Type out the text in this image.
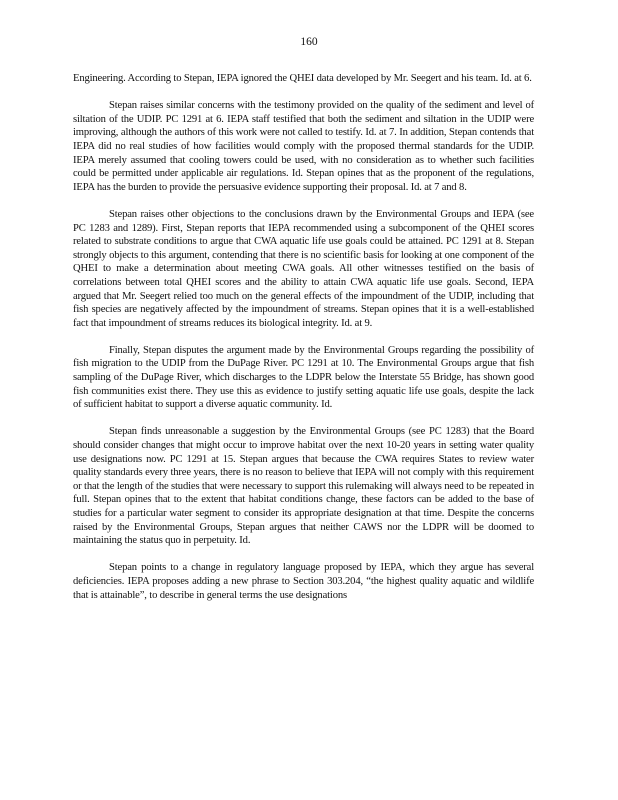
160

Engineering. According to Stepan, IEPA ignored the QHEI data developed by Mr. Seegert and his team. Id. at 6.

Stepan raises similar concerns with the testimony provided on the quality of the sediment and level of siltation of the UDIP. PC 1291 at 6. IEPA staff testified that both the sediment and siltation in the UDIP were improving, although the authors of this work were not called to testify. Id. at 7. In addition, Stepan contends that IEPA did no real studies of how facilities would comply with the proposed thermal standards for the UDIP. IEPA merely assumed that cooling towers could be used, with no consideration as to whether such facilities could be permitted under applicable air regulations. Id. Stepan opines that as the proponent of the regulations, IEPA has the burden to provide the persuasive evidence supporting their proposal. Id. at 7 and 8.

Stepan raises other objections to the conclusions drawn by the Environmental Groups and IEPA (see PC 1283 and 1289). First, Stepan reports that IEPA recommended using a subcomponent of the QHEI scores related to substrate conditions to argue that CWA aquatic life use goals could be attained. PC 1291 at 8. Stepan strongly objects to this argument, contending that there is no scientific basis for looking at one component of the QHEI to make a determination about meeting CWA goals. All other witnesses testified on the basis of correlations between total QHEI scores and the ability to attain CWA aquatic life use goals. Second, IEPA argued that Mr. Seegert relied too much on the general effects of the impoundment of the UDIP, including that fish species are negatively affected by the impoundment of streams. Stepan opines that it is a well-established fact that impoundment of streams reduces its biological integrity. Id. at 9.

Finally, Stepan disputes the argument made by the Environmental Groups regarding the possibility of fish migration to the UDIP from the DuPage River. PC 1291 at 10. The Environmental Groups argue that fish sampling of the DuPage River, which discharges to the LDPR below the Interstate 55 Bridge, has shown good fish communities exist there. They use this as evidence to justify setting aquatic life use goals, despite the lack of sufficient habitat to support a diverse aquatic community. Id.

Stepan finds unreasonable a suggestion by the Environmental Groups (see PC 1283) that the Board should consider changes that might occur to improve habitat over the next 10-20 years in setting water quality use designations now. PC 1291 at 15. Stepan argues that because the CWA requires States to review water quality standards every three years, there is no reason to believe that IEPA will not comply with this requirement or that the length of the studies that were necessary to support this rulemaking will always need to be repeated in full. Stepan opines that to the extent that habitat conditions change, these factors can be added to the base of studies for a particular water segment to consider its appropriate designation at that time. Despite the concerns raised by the Environmental Groups, Stepan argues that neither CAWS nor the LDPR will be doomed to maintaining the status quo in perpetuity. Id.

Stepan points to a change in regulatory language proposed by IEPA, which they argue has several deficiencies. IEPA proposes adding a new phrase to Section 303.204, “the highest quality aquatic and wildlife that is attainable”, to describe in general terms the use designations
